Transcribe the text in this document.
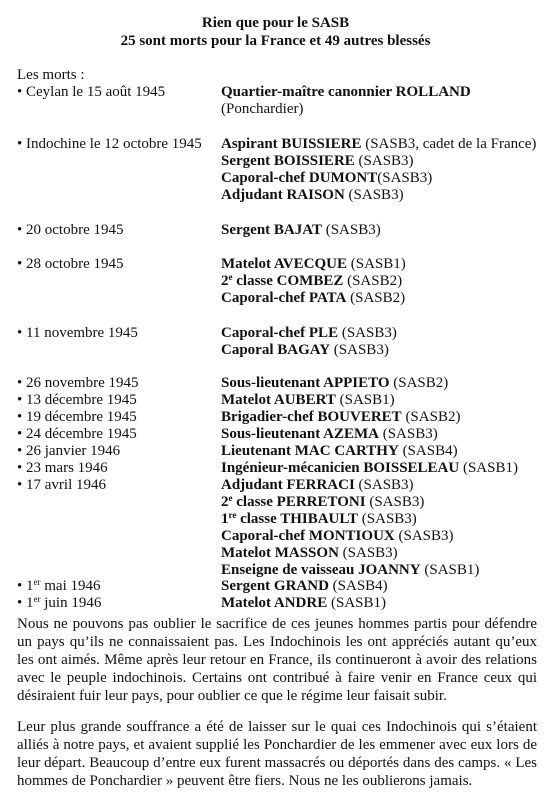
Rien que pour le SASB
25 sont morts pour la France et 49 autres blessés
Les morts :
• Ceylan le 15 août 1945	Quartier-maître canonnier ROLLAND
(Ponchardier)
• Indochine le 12 octobre 1945 Aspirant BUISSIERE (SASB3, cadet de la France)
Sergent BOISSIERE (SASB3)
Caporal-chef DUMONT(SASB3)
Adjudant RAISON (SASB3)
• 20 octobre 1945	Sergent BAJAT (SASB3)
• 28 octobre 1945	Matelot AVECQUE (SASB1)
2e classe COMBEZ (SASB2)
Caporal-chef PATA (SASB2)
• 11 novembre 1945	Caporal-chef PLE (SASB3)
Caporal BAGAY (SASB3)
• 26 novembre 1945	Sous-lieutenant APPIETO (SASB2)
• 13 décembre 1945	Matelot AUBERT (SASB1)
• 19 décembre 1945	Brigadier-chef BOUVERET (SASB2)
• 24 décembre 1945	Sous-lieutenant AZEMA (SASB3)
• 26 janvier 1946	Lieutenant MAC CARTHY (SASB4)
• 23 mars 1946	Ingénieur-mécanicien BOISSELEAU (SASB1)
• 17 avril 1946	Adjudant FERRACI (SASB3)
2e classe PERRETONI (SASB3)
1re classe THIBAULT (SASB3)
Caporal-chef MONTIOUX (SASB3)
Matelot MASSON (SASB3)
Enseigne de vaisseau JOANNY (SASB1)
• 1er mai 1946	Sergent GRAND (SASB4)
• 1er juin 1946	Matelot ANDRE (SASB1)
Nous ne pouvons pas oublier le sacrifice de ces jeunes hommes partis pour défendre un pays qu’ils ne connaissaient pas. Les Indochinois les ont appréciés autant qu’eux les ont aimés. Même après leur retour en France, ils continueront à avoir des relations avec le peuple indochinois. Certains ont contribué à faire venir en France ceux qui désiraient fuir leur pays, pour oublier ce que le régime leur faisait subir.
Leur plus grande souffrance a été de laisser sur le quai ces Indochinois qui s’étaient alliés à notre pays, et avaient supplié les Ponchardier de les emmener avec eux lors de leur départ. Beaucoup d’entre eux furent massacrés ou déportés dans des camps. « Les hommes de Ponchardier » peuvent être fiers. Nous ne les oublierons jamais.
